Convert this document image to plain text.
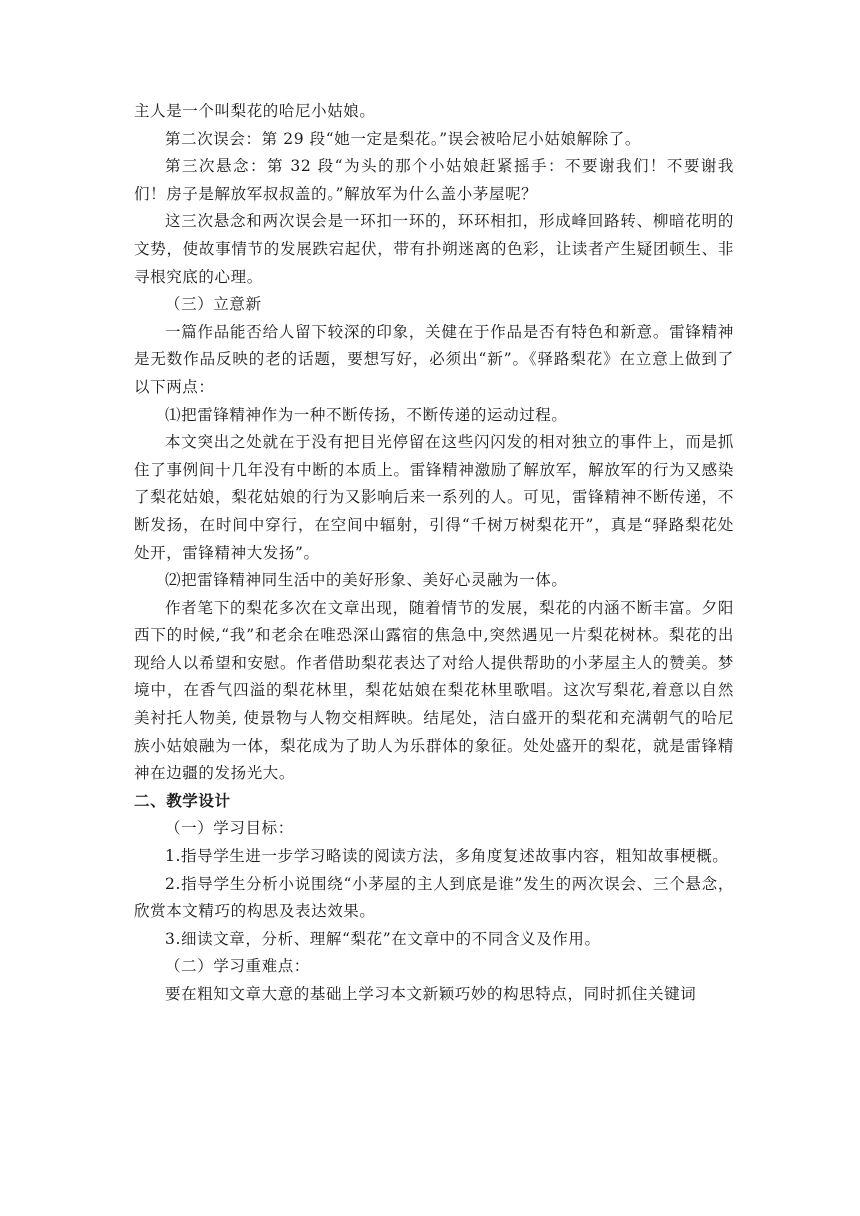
主人是一个叫梨花的哈尼小姑娘。

第二次误会：第 29 段“她一定是梨花。”误会被哈尼小姑娘解除了。

第三次悬念：第 32 段“为头的那个小姑娘赶紧摇手：不要谢我们！不要谢我们！房子是解放军叔叔盖的。”解放军为什么盖小茅屋呢？

这三次悬念和两次误会是一环扣一环的，环环相扣，形成峰回路转、柳暗花明的文势，使故事情节的发展跌宕起伏，带有扑朔迷离的色彩，让读者产生疑团顿生、非寻根究底的心理。

（三）立意新

一篇作品能否给人留下较深的印象，关健在于作品是否有特色和新意。雷锋精神是无数作品反映的老的话题，要想写好，必须出“新”。《驿路梨花》在立意上做到了以下两点：

⑴把雷锋精神作为一种不断传扬，不断传递的运动过程。

本文突出之处就在于没有把目光停留在这些闪闪发的相对独立的事件上，而是抓住了事例间十几年没有中断的本质上。雷锋精神激励了解放军，解放军的行为又感染了梨花姑娘，梨花姑娘的行为又影响后来一系列的人。可见，雷锋精神不断传递，不断发扬，在时间中穿行，在空间中辐射，引得“千树万树梨花开”，真是“驿路梨花处处开，雷锋精神大发扬”。

⑵把雷锋精神同生活中的美好形象、美好心灵融为一体。

作者笔下的梨花多次在文章出现，随着情节的发展，梨花的内涵不断丰富。夕阳西下的时候,“我”和老余在唯恐深山露宿的焦急中,突然遇见一片梨花树林。梨花的出现给人以希望和安慰。作者借助梨花表达了对给人提供帮助的小茅屋主人的赞美。梦境中，在香气四溢的梨花林里，梨花姑娘在梨花林里歌唱。这次写梨花,着意以自然美衬托人物美, 使景物与人物交相辉映。结尾处，洁白盛开的梨花和充满朝气的哈尼族小姑娘融为一体，梨花成为了助人为乐群体的象征。处处盛开的梨花，就是雷锋精神在边疆的发扬光大。

二、教学设计

（一）学习目标：

1.指导学生进一步学习略读的阅读方法，多角度复述故事内容，粗知故事梗概。

2.指导学生分析小说围绕“小茅屋的主人到底是谁”发生的两次误会、三个悬念，欣赏本文精巧的构思及表达效果。

3.细读文章，分析、理解“梨花”在文章中的不同含义及作用。

（二）学习重难点：

要在粗知文章大意的基础上学习本文新颖巧妙的构思特点，同时抓住关键词
